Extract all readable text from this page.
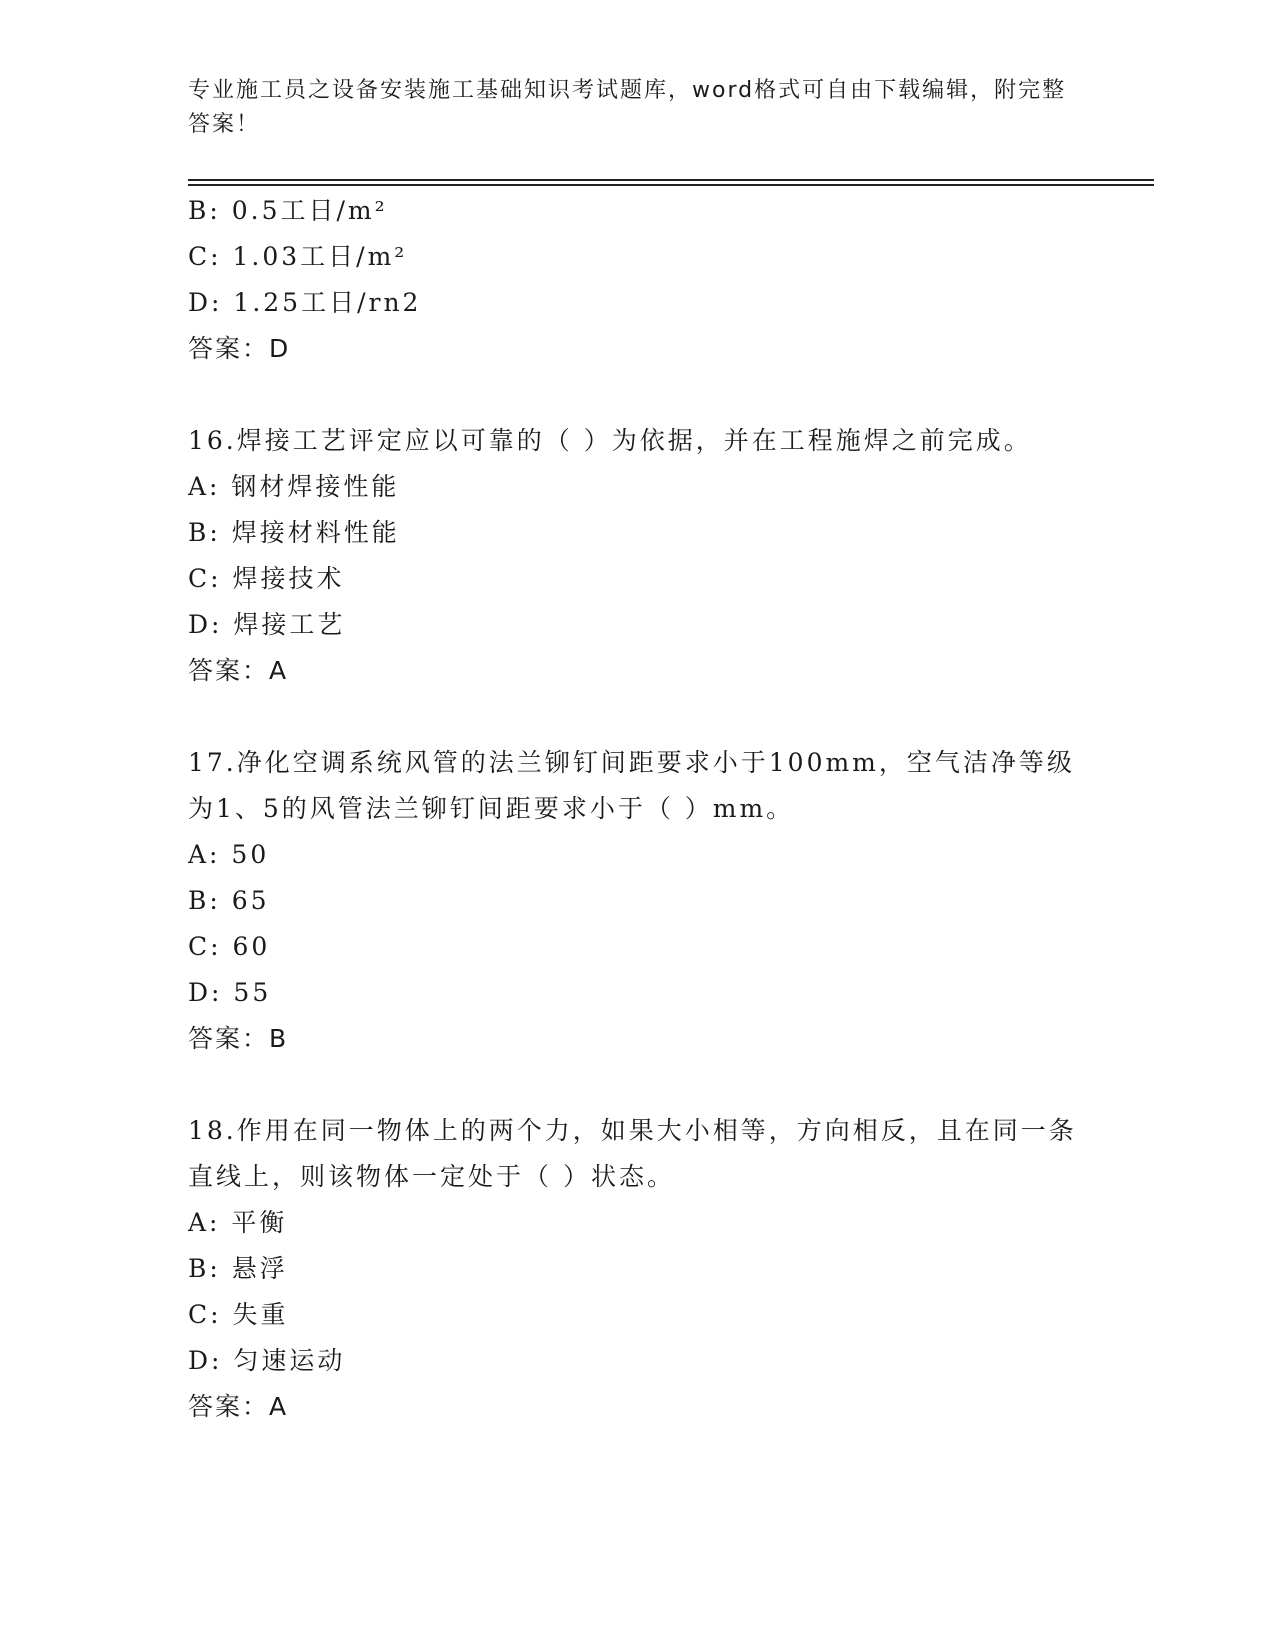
专业施工员之设备安装施工基础知识考试题库，word格式可自由下载编辑，附完整答案！
B: 0.5工日/m²
C: 1.03工日/m²
D: 1.25工日/rn2
答案：D
16.焊接工艺评定应以可靠的（ ）为依据，并在工程施焊之前完成。
A: 钢材焊接性能
B: 焊接材料性能
C: 焊接技术
D: 焊接工艺
答案：A
17.净化空调系统风管的法兰铆钉间距要求小于100mm，空气洁净等级为1、5的风管法兰铆钉间距要求小于（ ）mm。
A: 50
B: 65
C: 60
D: 55
答案：B
18.作用在同一物体上的两个力，如果大小相等，方向相反，且在同一条直线上，则该物体一定处于（ ）状态。
A: 平衡
B: 悬浮
C: 失重
D: 匀速运动
答案：A
